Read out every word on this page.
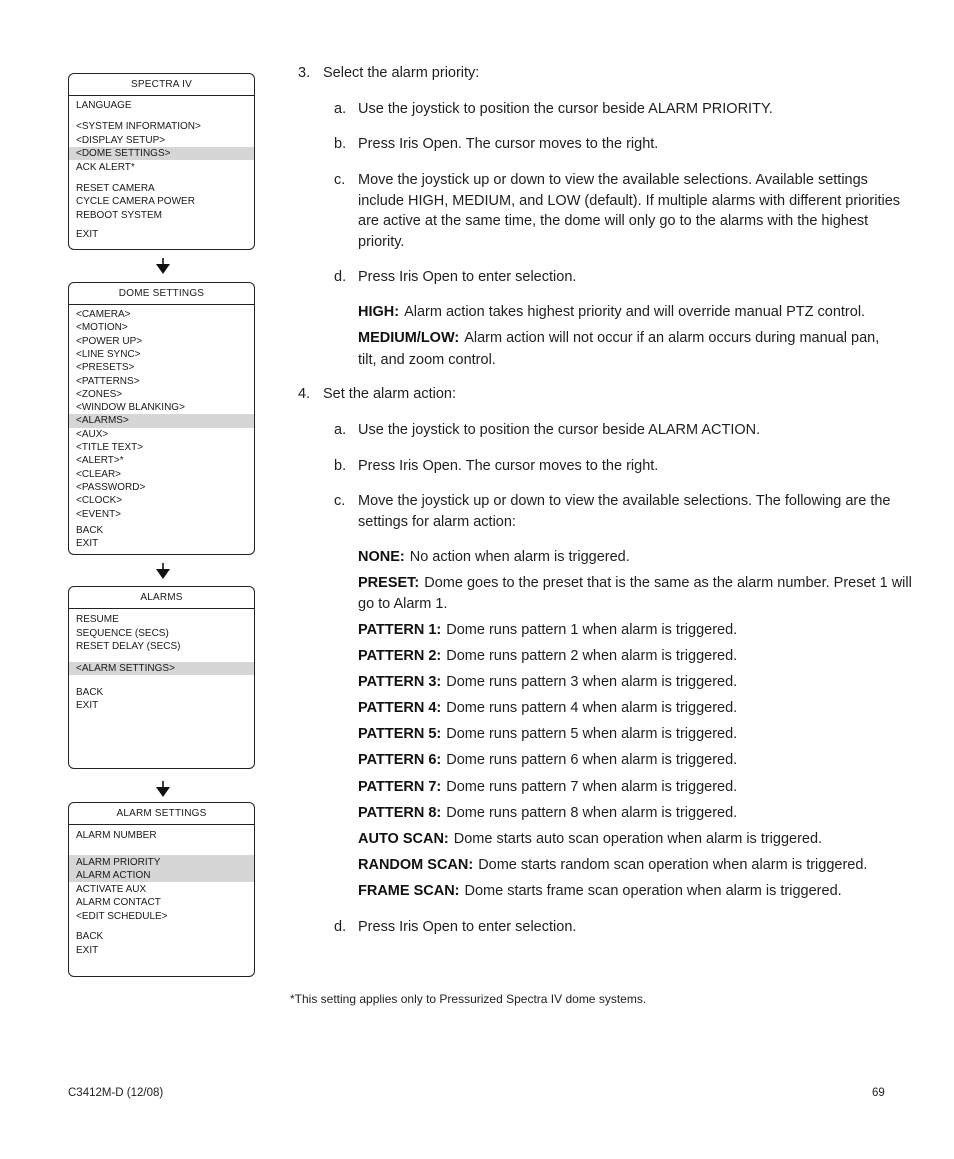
SPECTRA IV
LANGUAGE
<SYSTEM INFORMATION>
<DISPLAY SETUP>
<DOME SETTINGS>
ACK ALERT*
RESET CAMERA
CYCLE CAMERA POWER
REBOOT SYSTEM
EXIT
DOME SETTINGS
<CAMERA>
<MOTION>
<POWER UP>
<LINE SYNC>
<PRESETS>
<PATTERNS>
<ZONES>
<WINDOW BLANKING>
<ALARMS>
<AUX>
<TITLE TEXT>
<ALERT>*
<CLEAR>
<PASSWORD>
<CLOCK>
<EVENT>
BACK
EXIT
ALARMS
RESUME
SEQUENCE (SECS)
RESET DELAY (SECS)
<ALARM SETTINGS>
BACK
EXIT
ALARM SETTINGS
ALARM NUMBER
ALARM PRIORITY
ALARM ACTION
ACTIVATE AUX
ALARM CONTACT
<EDIT SCHEDULE>
BACK
EXIT
3. Select the alarm priority:
a. Use the joystick to position the cursor beside ALARM PRIORITY.
b. Press Iris Open. The cursor moves to the right.
c. Move the joystick up or down to view the available selections. Available settings
include HIGH, MEDIUM, and LOW (default). If multiple alarms with different priorities
are active at the same time, the dome will only go to the alarms with the highest
priority.
d. Press Iris Open to enter selection.
HIGH: Alarm action takes highest priority and will override manual PTZ control.
MEDIUM/LOW: Alarm action will not occur if an alarm occurs during manual pan,
tilt, and zoom control.
4. Set the alarm action:
a. Use the joystick to position the cursor beside ALARM ACTION.
b. Press Iris Open. The cursor moves to the right.
c. Move the joystick up or down to view the available selections. The following are the
settings for alarm action:
NONE: No action when alarm is triggered.
PRESET: Dome goes to the preset that is the same as the alarm number. Preset 1 will
go to Alarm 1.
PATTERN 1: Dome runs pattern 1 when alarm is triggered.
PATTERN 2: Dome runs pattern 2 when alarm is triggered.
PATTERN 3: Dome runs pattern 3 when alarm is triggered.
PATTERN 4: Dome runs pattern 4 when alarm is triggered.
PATTERN 5: Dome runs pattern 5 when alarm is triggered.
PATTERN 6: Dome runs pattern 6 when alarm is triggered.
PATTERN 7: Dome runs pattern 7 when alarm is triggered.
PATTERN 8: Dome runs pattern 8 when alarm is triggered.
AUTO SCAN: Dome starts auto scan operation when alarm is triggered.
RANDOM SCAN: Dome starts random scan operation when alarm is triggered.
FRAME SCAN: Dome starts frame scan operation when alarm is triggered.
d. Press Iris Open to enter selection.
*This setting applies only to Pressurized Spectra IV dome systems.
C3412M-D (12/08)	69
